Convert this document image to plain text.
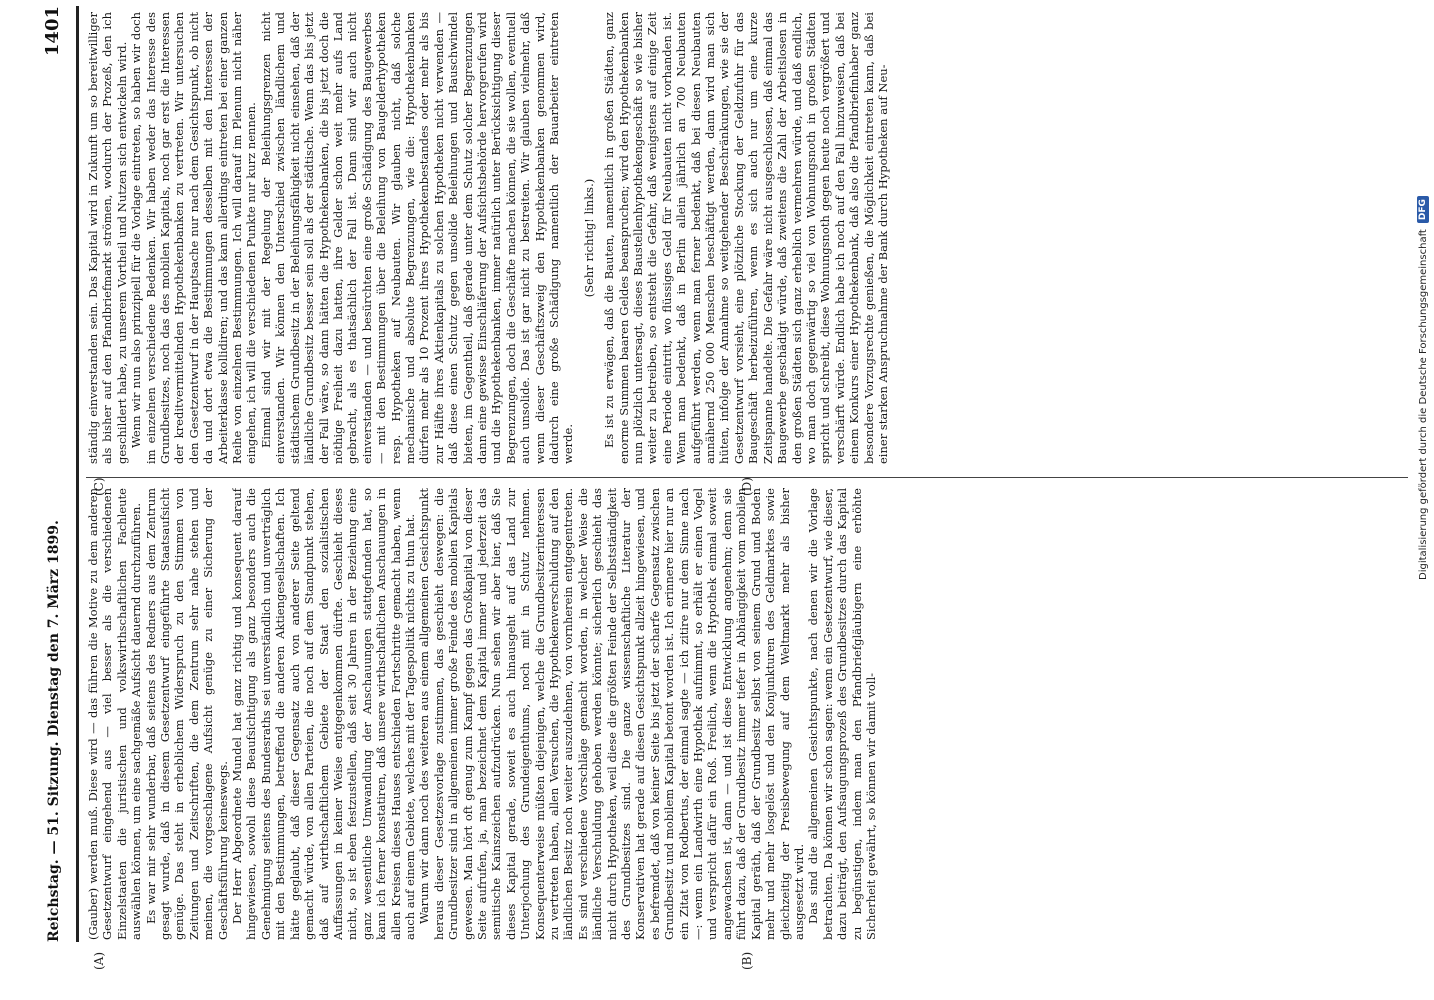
Reichstag. — 51. Sitzung. Dienstag den 7. März 1899.
1401
(A)	(B)
(C)	(D)

(Gauber) werden muß. Diese wird — das führen die Motive zu dem anderen Gesetzentwurf eingehend aus — viel besser als die verschiedenen Einzelstaaten die juristischen und volkswirthschaftlichen Fachleute auswählen können, um eine sachgemäße Aufsicht dauernd durchzuführen. Es war mir sehr wunderbar, daß seitens des Redners aus dem Zentrum gesagt wurde, daß in diesem Gesetzentwurf eingeführte Staatsaufsicht genüge. Das steht in erheblichem Widerspruch zu den Stimmen von Zeitungen und Zeitschriften, die dem Zentrum sehr nahe stehen und meinen, die vorgeschlagene Aufsicht genüge zu einer Sicherung der Geschäftsführung keineswegs. Der Herr Abgeordnete Mundel hat ganz richtig und konsequent darauf hingewiesen, sowohl diese Beaufsichtigung als ganz besonders auch die Genehmigung seitens des Bundesraths sei unverständlich und unverträglich mit den Bestimmungen, betreffend die anderen Aktiengesellschaften. Ich hätte geglaubt, daß dieser Gegensatz auch von anderer Seite geltend gemacht würde, von allen Parteien, die noch auf dem Standpunkt stehen, daß auf wirthschaftlichem Gebiete der Staat den sozialistischen Auffassungen in keiner Weise entgegenkommen dürfte. Geschieht dieses nicht, so ist eben festzustellen, daß seit 30 Jahren in der Beziehung eine ganz wesentliche Umwandlung der Anschauungen stattgefunden hat, so kann ich ferner konstatiren, daß unsere wirthschaftlichen Anschauungen in allen Kreisen dieses Hauses entschieden Fortschritte gemacht haben, wenn auch auf einem Gebiete, welches mit der Tagespolitik nichts zu thun hat. Warum wir dann noch des weiteren aus einem allgemeinen Gesichtspunkt heraus dieser Gesetzesvorlage zustimmen, das geschieht deswegen: die Grundbesitzer sind in allgemeinen immer große Feinde des mobilen Kapitals gewesen. Man hört oft genug zum Kampf gegen das Großkapital von dieser Seite aufrufen, ja, man bezeichnet dem Kapital immer und jederzeit das semitische Kainszeichen aufzudrücken. Nun sehen wir aber hier, daß Sie dieses Kapital gerade, soweit es auch hinausgeht auf das Land zur Unterjochung des Grundeigenthums, noch mit in Schutz nehmen. Konsequenterweise müßten diejenigen, welche die Grundbesitzerinteressen zu vertreten haben, allen Versuchen, die Hypothekenverschuldung auf den ländlichen Besitz noch weiter auszudehnen, von vornherein entgegentreten. Es sind verschiedene Vorschläge gemacht worden, in welcher Weise die ländliche Verschuldung gehoben werden könnte; sicherlich geschieht das nicht durch Hypotheken, weil diese die größten Feinde der Selbstständigkeit des Grundbesitzes sind. Die ganze wissenschaftliche Literatur der Konservativen hat gerade auf diesen Gesichtspunkt allzeit hingewiesen, und es befremdet, daß von keiner Seite bis jetzt der scharfe Gegensatz zwischen Grundbesitz und mobilem Kapital betont worden ist. Ich erinnere hier nur an ein Zitat von Rodbertus, der einmal sagte — ich zitire nur dem Sinne nach —: wenn ein Landwirth eine Hypothek aufnimmt, so erhält er einen Vogel und verspricht dafür ein Roß. Freilich, wenn die Hypothek einmal soweit angewachsen ist, dann — und ist diese Entwicklung angenehm; denn sie führt dazu, daß der Grundbesitz immer tiefer in Abhängigkeit vom mobilen Kapital geräth, daß der Grundbesitz selbst von seinem Grund und Boden mehr und mehr losgelöst und den Konjunkturen des Geldmarktes sowie gleichzeitig der Preisbewegung auf dem Weltmarkt mehr als bisher ausgesetzt wird. Das sind die allgemeinen Gesichtspunkte, nach denen wir die Vorlage betrachten. Da können wir schon sagen: wenn ein Gesetzentwurf, wie dieser, dazu beiträgt, den Aufsaugungsprozeß des Grundbesitzes durch das Kapital zu begünstigen, indem man den Pfandbriefgläubigern eine erhöhte Sicherheit gewährt, so können wir damit voll-

ständig einverstanden sein. Das Kapital wird in Zukunft um so bereitwilliger als bisher auf den Pfandbriefmarkt strömen, wodurch der Prozeß, den ich geschildert habe, zu unserem Vortheil und Nutzen sich entwickeln wird. Wenn wir nun also prinzipiell für die Vorlage eintreten, so haben wir doch im einzelnen verschiedene Bedenken. Wir haben weder das Interesse des Grundbesitzes, noch das des mobilen Kapitals, noch gar erst die Interessen der kreditvermittelnden Hypothekenbanken zu vertreten. Wir untersuchen den Gesetzentwurf in der Hauptsache nur nach dem Gesichtspunkt, ob nicht da und dort etwa die Bestimmungen desselben mit den Interessen der Arbeiterklasse kollidiren; und das kann allerdings eintreten bei einer ganzen Reihe von einzelnen Bestimmungen. Ich will darauf im Plenum nicht näher eingehen, ich will die verschiedenen Punkte nur kurz nennen. Einmal sind wir mit der Regelung der Beleihungsgrenzen nicht einverstanden. Wir können den Unterschied zwischen ländlichem und städtischem Grundbesitz in der Beleihungsfähigkeit nicht einsehen, daß der ländliche Grundbesitz besser sein soll als der städtische. Wenn das bis jetzt der Fall wäre, so dann hätten die Hypothekenbanken, die bis jetzt doch die nöthige Freiheit dazu hatten, ihre Gelder schon weit mehr aufs Land gebracht, als es thatsächlich der Fall ist. Dann sind wir auch nicht einverstanden — und besürchten eine große Schädigung des Baugewerbes — mit den Bestimmungen über die Beleihung von Baugelderhypotheken resp. Hypotheken auf Neubauten. Wir glauben nicht, daß solche mechanische und absolute Begrenzungen, wie die: Hypothekenbanken dürfen mehr als 10 Prozent ihres Hypothekenbestandes oder mehr als bis zur Hälfte ihres Aktienkapitals zu solchen Hypotheken nicht verwenden — daß diese einen Schutz gegen unsolide Beleihungen und Bauschwindel bieten, im Gegentheil, daß gerade unter dem Schutz solcher Begrenzungen dann eine gewisse Einschläferung der Aufsichtsbehörde hervorgerufen wird und die Hypothekenbanken, immer natürlich unter Berücksichtigung dieser Begrenzungen, doch die Geschäfte machen können, die sie wollen, eventuell auch unsolide. Das ist gar nicht zu bestreiten. Wir glauben vielmehr, daß wenn dieser Geschäftszweig den Hypothekenbanken genommen wird, dadurch eine große Schädigung namentlich der Bauarbeiter eintreten werde.

(Sehr richtig! links.) Es ist zu erwägen, daß die Bauten, namentlich in großen Städten, ganz enorme Summen baaren Geldes beanspruchen; wird den Hypothekenbanken nun plötzlich untersagt, dieses Baustellenhypothekengeschäft so wie bisher weiter zu betreiben, so entsteht die Gefahr, daß wenigstens auf einige Zeit eine Periode eintritt, wo flüssiges Geld für Neubauten nicht vorhanden ist. Wenn man bedenkt, daß in Berlin allein jährlich an 700 Neubauten aufgeführt werden, wenn man ferner bedenkt, daß bei diesen Neubauten annähernd 250 000 Menschen beschäftigt werden, dann wird man sich hüten, infolge der Annahme so weitgehender Beschränkungen, wie sie der Gesetzentwurf vorsieht, eine plötzliche Stockung der Geldzufuhr für das Baugeschäft herbeizuführen, wenn es sich auch nur um eine kurze Zeitspanne handelte. Die Gefahr wäre nicht ausgeschlossen, daß einmal das Baugewerbe geschädigt würde, daß zweitens die Zahl der Arbeitslosen in den großen Städten sich ganz erheblich vermehren würde, und daß endlich, wo man doch gegenwärtig so viel von Wohnungsnoth in großen Städten spricht und schreibt, diese Wohnungsnoth gegen heute noch vergrößert und verschärft würde. Endlich habe ich noch auf den Fall hinzuweisen, daß bei einem Konkurs einer Hypothekenbank, daß also die Pfandbriefinhaber ganz besondere Vorzugsrechte genießen, die Möglichkeit eintreten kann, daß bei einer starken Anspruchnahme der Bank durch Hypotheken auf Neu-	Digitalisierung gefördert durch die Deutsche Forschungsgemeinschaft
DFG
